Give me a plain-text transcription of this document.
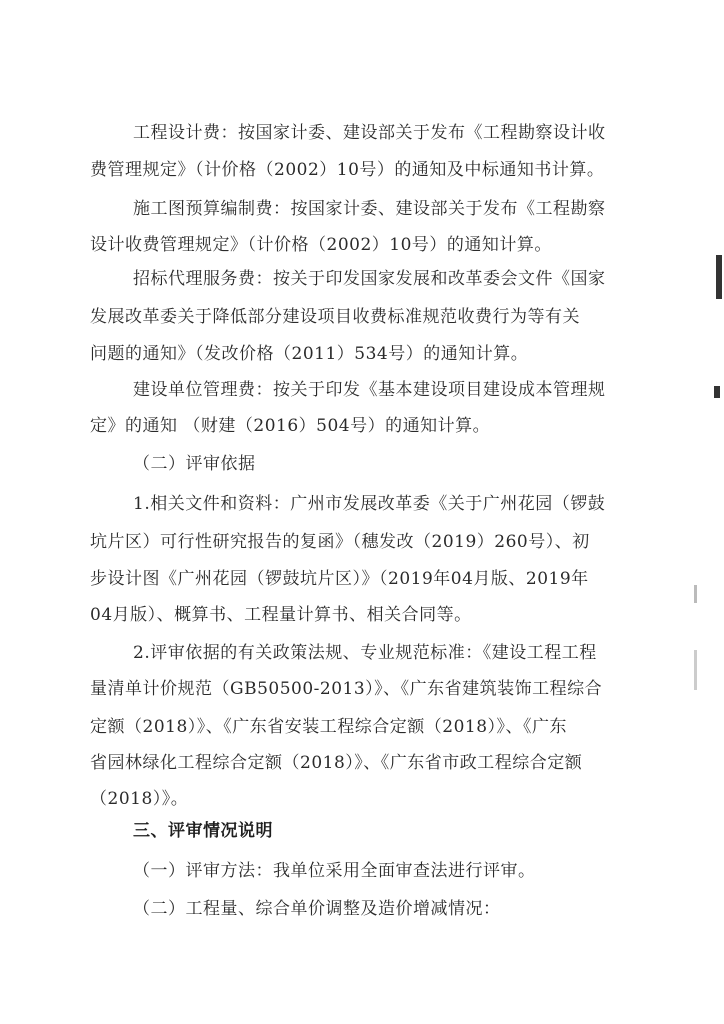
工程设计费：按国家计委、建设部关于发布《工程勘察设计收
费管理规定》（计价格（2002）10号）的通知及中标通知书计算。
施工图预算编制费：按国家计委、建设部关于发布《工程勘察
设计收费管理规定》（计价格（2002）10号）的通知计算。
招标代理服务费：按关于印发国家发展和改革委会文件《国家
发展改革委关于降低部分建设项目收费标准规范收费行为等有关
问题的通知》（发改价格（2011）534号）的通知计算。
建设单位管理费：按关于印发《基本建设项目建设成本管理规
定》的通知 （财建（2016）504号）的通知计算。
（二）评审依据
1.相关文件和资料：广州市发展改革委《关于广州花园（锣鼓
坑片区）可行性研究报告的复函》（穗发改（2019）260号）、初
步设计图《广州花园（锣鼓坑片区）》（2019年04月版、2019年
04月版）、概算书、工程量计算书、相关合同等。
2.评审依据的有关政策法规、专业规范标准：《建设工程工程
量清单计价规范（GB50500-2013）》、《广东省建筑装饰工程综合
定额（2018）》、《广东省安装工程综合定额（2018）》、《广东
省园林绿化工程综合定额（2018）》、《广东省市政工程综合定额
（2018）》。
三、评审情况说明
（一）评审方法：我单位采用全面审查法进行评审。
（二）工程量、综合单价调整及造价增减情况：
